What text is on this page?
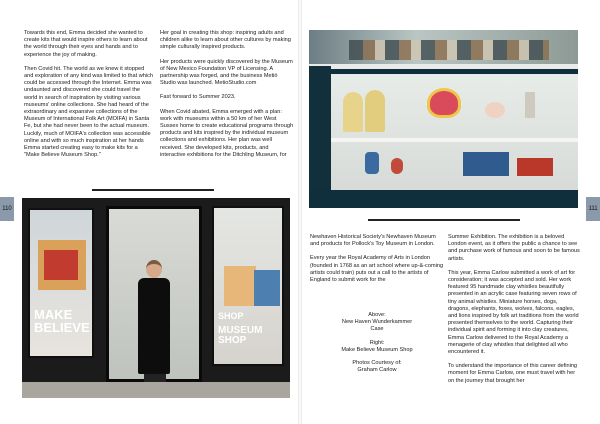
110	111

Towards this end, Emma decided she wanted to create kits that would inspire others to learn about the world through their eyes and hands and to experience the joy of making.

Then Covid hit. The world as we knew it stopped and exploration of any kind was limited to that which could be accessed through the Internet. Emma was undaunted and discovered she could travel the world in search of inspiration by visiting various museums' online collections. She had heard of the extraordinary and expansive collections of the Museum of International Folk Art (MOIFA) in Santa Fe, but she had never been to the actual museum. Luckily, much of MOIFA's collection was accessible online and with so much inspiration at her hands Emma started creating easy to make kits for a "Make Believe Museum Shop."

Her goal in creating this shop: inspiring adults and children alike to learn about other cultures by making simple culturally inspired products.

Her products were quickly discovered by the Museum of New Mexico Foundation VP of Licensing. A partnership was forged, and the business Metiö Studio was launched. MetioStudio.com

Fast forward to Summer 2023.

When Covid abated, Emma emerged with a plan: work with museums within a 50 km of her West Sussex home to create educational programs through products and kits inspired by the individual museum collections and exhibitions. Her plan was well received. She developed kits, products, and interactive exhibitions for the Ditchling Museum, for

MAKE BELIEVE
SHOP
MUSEUM SHOP

Newhaven Historical Society's Newhaven Museum and products for Pollock's Toy Museum in London.

Every year the Royal Academy of Arts in London (founded in 1768 as an art school where up-&-coming artists could train) puts out a call to the artists of England to submit work for the

Above:
New Haven Wunderkammer Case
Right:
Make Believe Museum Shop
Photos Courtesy of:
Graham Carlow

Summer Exhibition. The exhibition is a beloved London event, as it offers the public a chance to see and purchase work of famous and soon to be famous artists.

This year, Emma Carlow submitted a work of art for consideration; it was accepted and sold. Her work featured 95 handmade clay whistles beautifully presented in an acrylic case featuring seven rows of tiny animal whistles. Miniature horses, dogs, dragons, elephants, foxes, wolves, falcons, eagles, and lions inspired by folk art traditions from the world presented themselves to the world. Capturing their individual spirit and forming it into clay creatures, Emma Carlow delivered to the Royal Academy a menagerie of clay whistles that delighted all who encountered it.

To understand the importance of this career defining moment for Emma Carlow, one must travel with her on the journey that brought her
